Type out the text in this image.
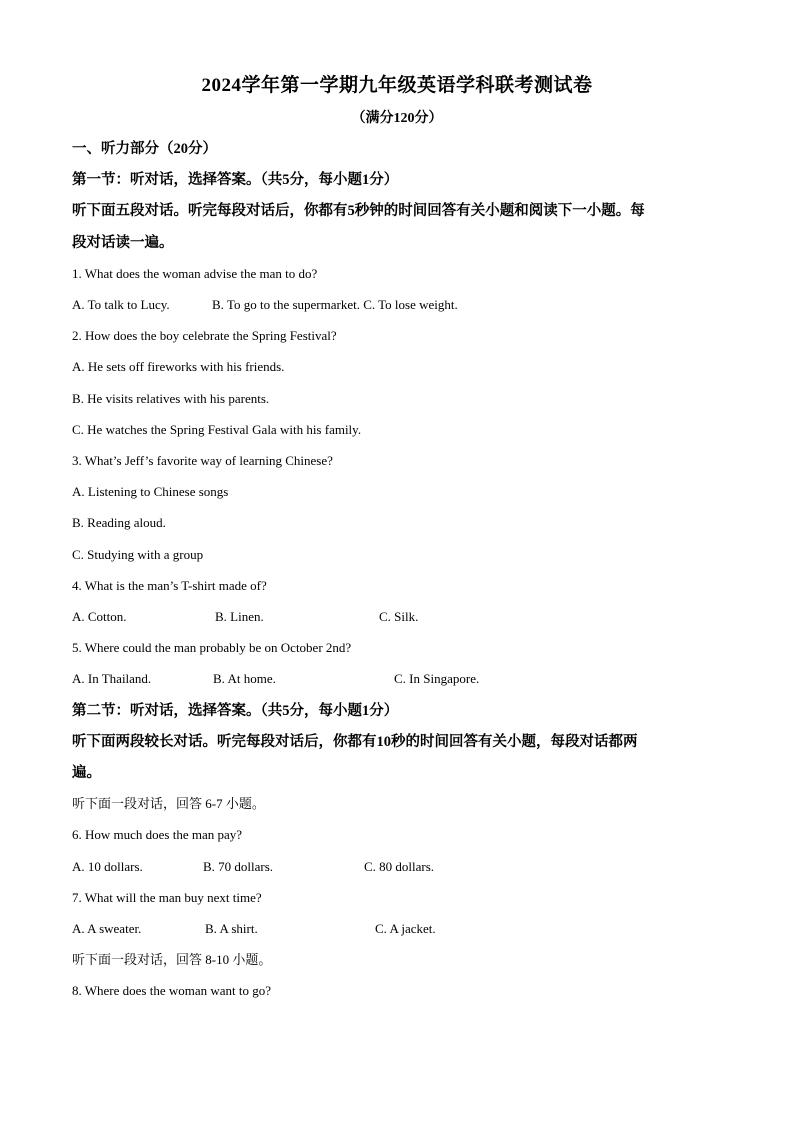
2024学年第一学期九年级英语学科联考测试卷
（满分120分）
一、听力部分（20分）
第一节：听对话，选择答案。（共5分，每小题1分）
听下面五段对话。听完每段对话后，你都有5秒钟的时间回答有关小题和阅读下一小题。每
段对话读一遍。
1. What does the woman advise the man to do?
A. To talk to Lucy.	B. To go to the supermarket. C. To lose weight.
2. How does the boy celebrate the Spring Festival?
A. He sets off fireworks with his friends.
B. He visits relatives with his parents.
C. He watches the Spring Festival Gala with his family.
3. What’s Jeff’s favorite way of learning Chinese?
A. Listening to Chinese songs
B. Reading aloud.
C. Studying with a group
4. What is the man’s T-shirt made of?
A. Cotton.	B. Linen.	C. Silk.
5. Where could the man probably be on October 2nd?
A. In Thailand.	B. At home.	C. In Singapore.
第二节：听对话，选择答案。（共5分，每小题1分）
听下面两段较长对话。听完每段对话后，你都有10秒的时间回答有关小题，每段对话都两
遍。
听下面一段对话，回答 6-7 小题。
6. How much does the man pay?
A. 10 dollars.	B. 70 dollars.	C. 80 dollars.
7. What will the man buy next time?
A. A sweater.	B. A shirt.	C. A jacket.
听下面一段对话，回答 8-10 小题。
8. Where does the woman want to go?
